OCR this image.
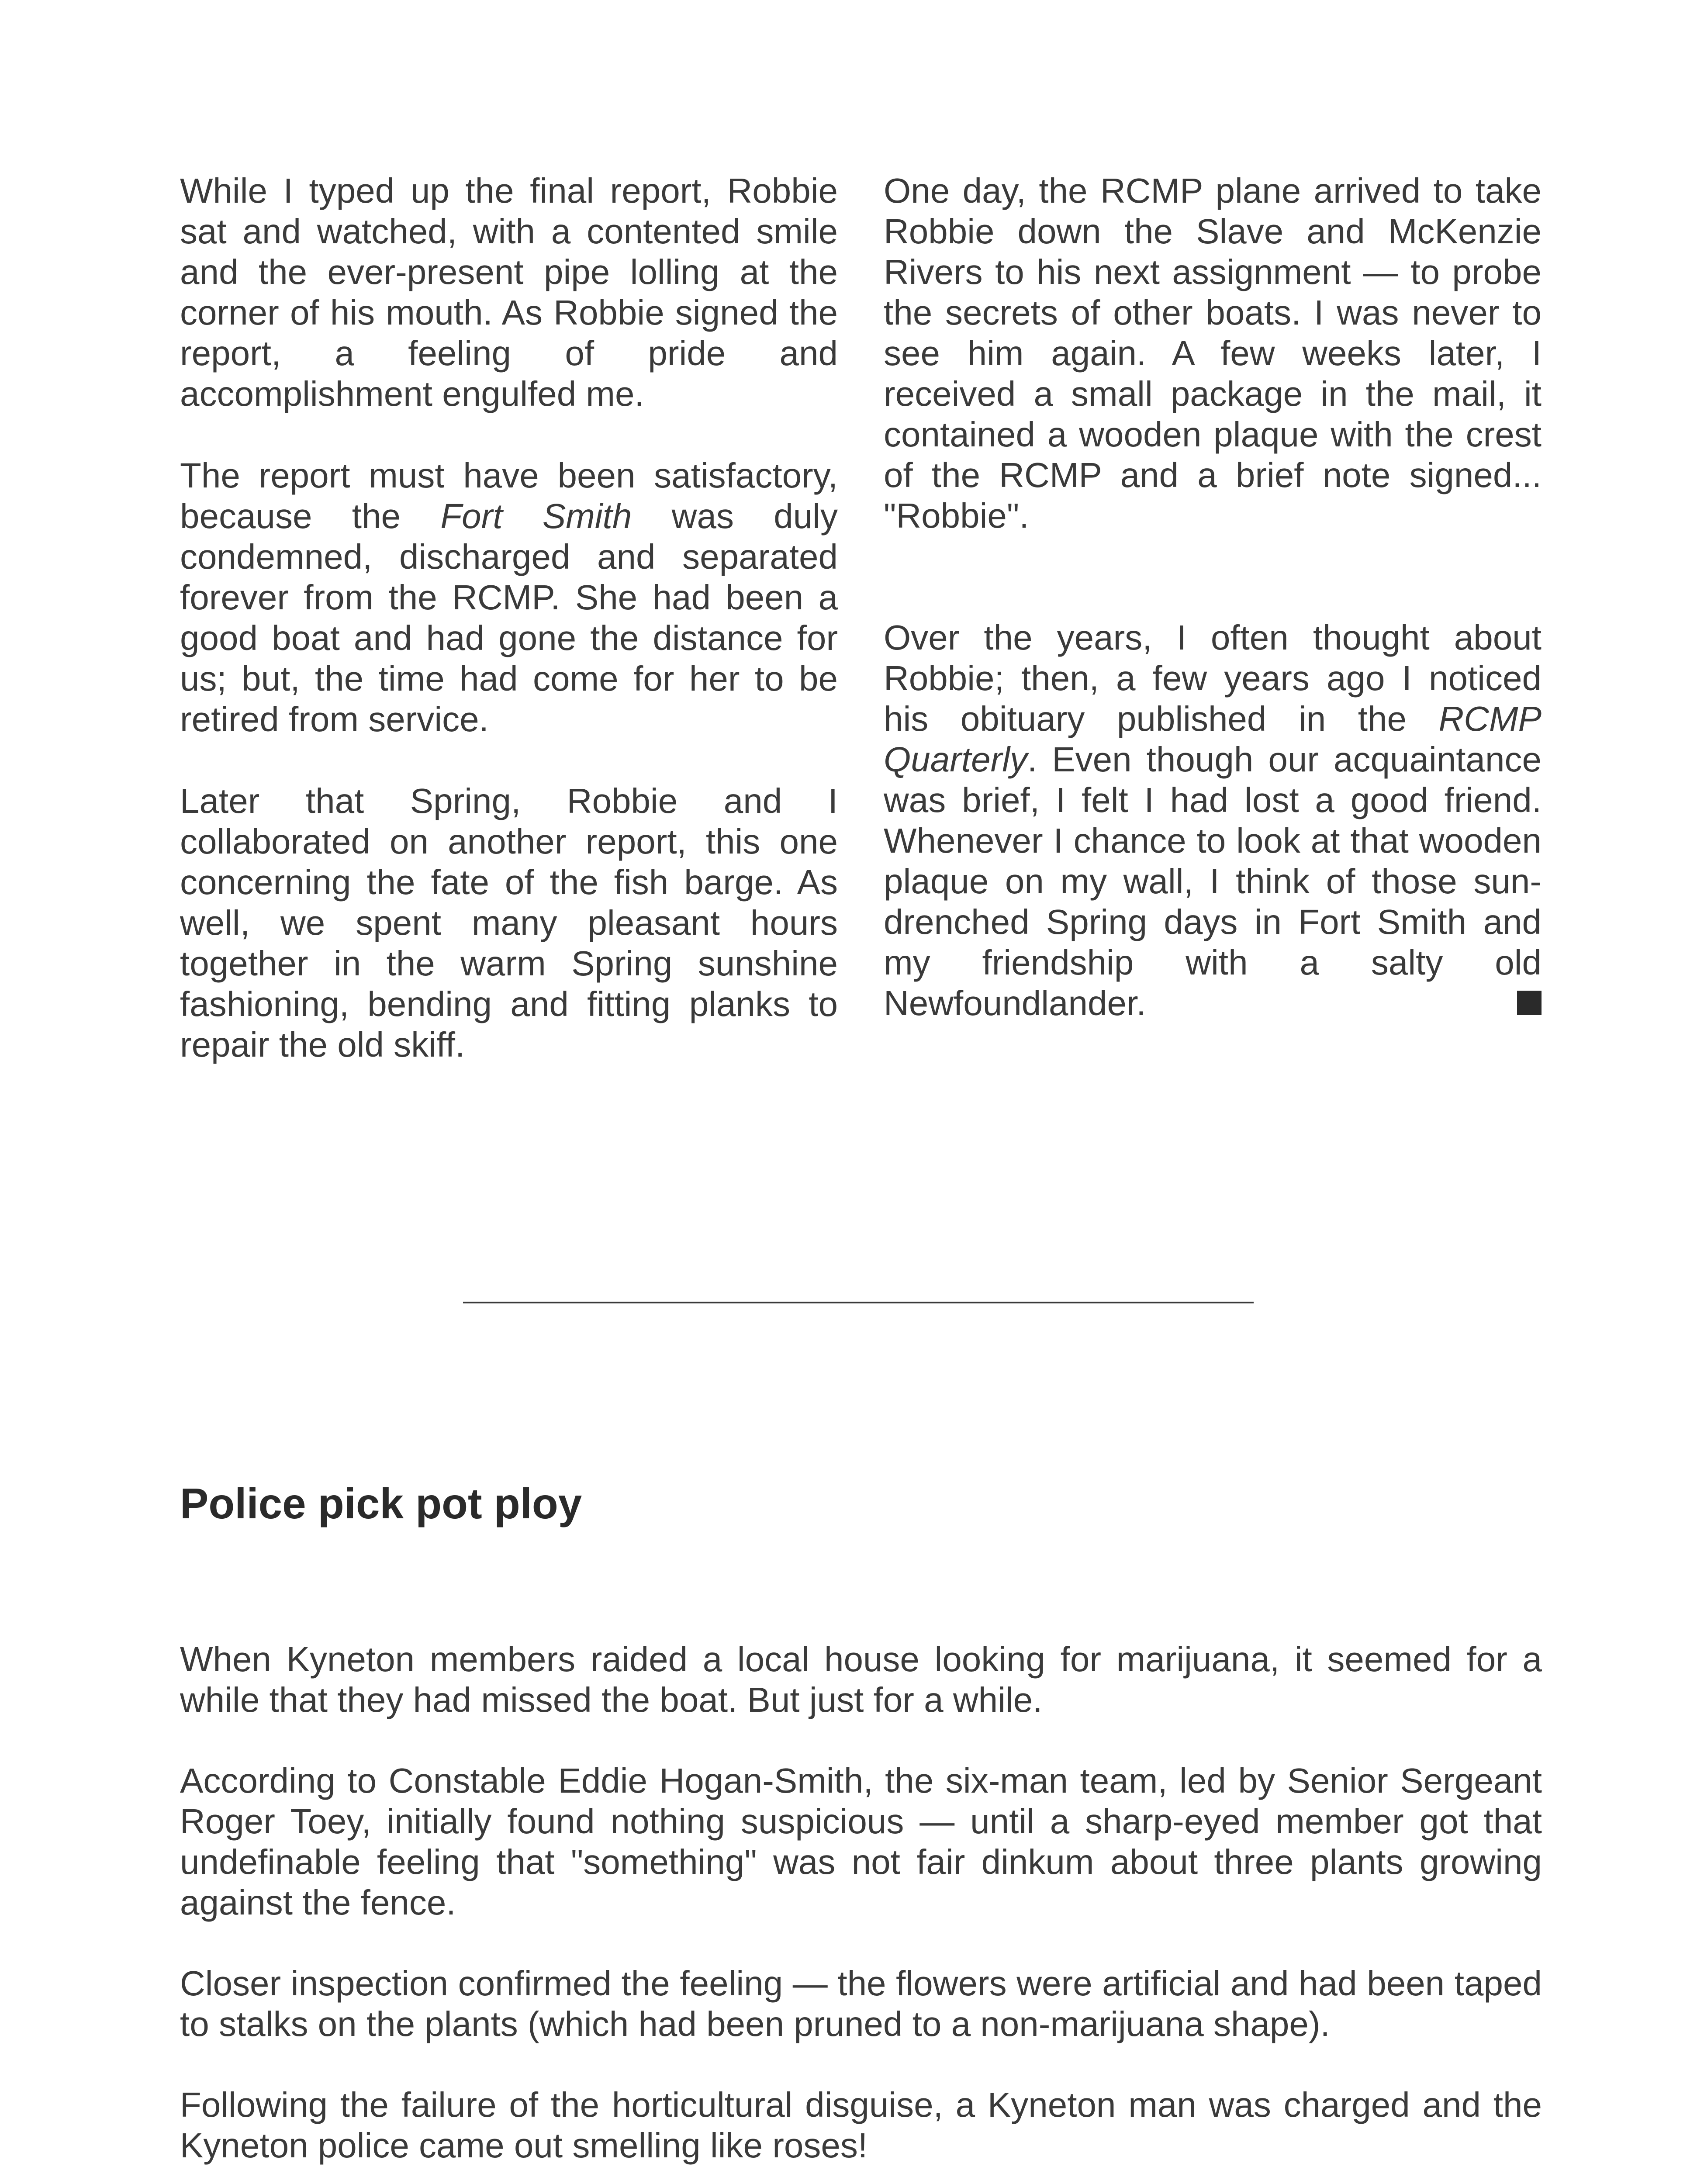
While I typed up the final report, Robbie sat and watched, with a contented smile and the ever-present pipe lolling at the corner of his mouth. As Robbie signed the report, a feeling of pride and accomplishment engulfed me.

The report must have been satisfactory, because the Fort Smith was duly condemned, discharged and separated forever from the RCMP. She had been a good boat and had gone the distance for us; but, the time had come for her to be retired from service.

Later that Spring, Robbie and I collaborated on another report, this one concerning the fate of the fish barge. As well, we spent many pleasant hours together in the warm Spring sunshine fashioning, bending and fitting planks to repair the old skiff.

One day, the RCMP plane arrived to take Robbie down the Slave and McKenzie Rivers to his next assignment — to probe the secrets of other boats. I was never to see him again. A few weeks later, I received a small package in the mail, it contained a wooden plaque with the crest of the RCMP and a brief note signed... "Robbie".

Over the years, I often thought about Robbie; then, a few years ago I noticed his obituary published in the RCMP Quarterly. Even though our acquaintance was brief, I felt I had lost a good friend. Whenever I chance to look at that wooden plaque on my wall, I think of those sun-drenched Spring days in Fort Smith and my friendship with a salty old Newfoundlander.

Police pick pot ploy

When Kyneton members raided a local house looking for marijuana, it seemed for a while that they had missed the boat. But just for a while.

According to Constable Eddie Hogan-Smith, the six-man team, led by Senior Sergeant Roger Toey, initially found nothing suspicious — until a sharp-eyed member got that undefinable feeling that "something" was not fair dinkum about three plants growing against the fence.

Closer inspection confirmed the feeling — the flowers were artificial and had been taped to stalks on the plants (which had been pruned to a non-marijuana shape).

Following the failure of the horticultural disguise, a Kyneton man was charged and the Kyneton police came out smelling like roses!
